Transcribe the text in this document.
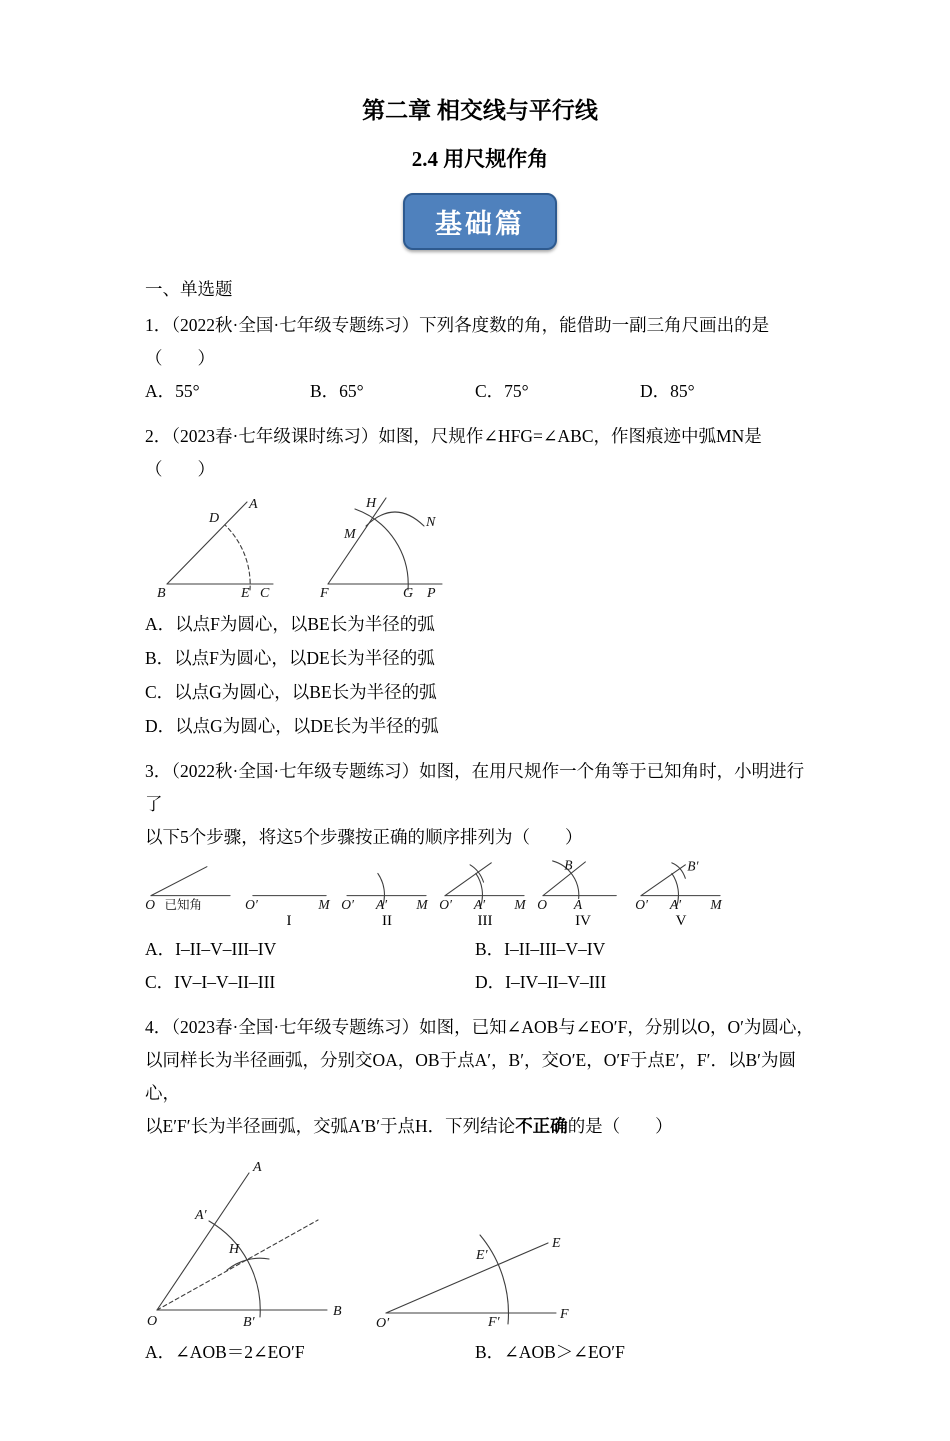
第二章 相交线与平行线
2.4 用尺规作角
基础篇
一、单选题

1．（2022秋·全国·七年级专题练习）下列各度数的角，能借助一副三角尺画出的是

（　　）

A．55°	B．65°	C．75°	D．85°

2．（2023春·七年级课时练习）如图，尺规作∠HFG=∠ABC，作图痕迹中弧MN是（　　）

D
A
B	E C
H
M
N
F	G P

A．以点F为圆心，以BE长为半径的弧

B．以点F为圆心，以DE长为半径的弧

C．以点G为圆心，以BE长为半径的弧

D．以点G为圆心，以DE长为半径的弧

3．（2022秋·全国·七年级专题练习）如图，在用尺规作一个角等于已知角时，小明进行了

以下5个步骤，将这5个步骤按正确的顺序排列为（　　）

O 已知角	O′	M
I
O′ A′ M
II
O′ A′ M
III
B
O A
IV
B′
O′ A′ M
V
A．I–II–V–III–IV	B．I–II–III–V–IV
C．IV–I–V–II–III	D．I–IV–II–V–III

4．（2023春·全国·七年级专题练习）如图，已知∠AOB与∠EO′F，分别以O，O′为圆心，

以同样长为半径画弧，分别交OA，OB于点A′，B′，交O′E，O′F于点E′，F′．以B′为圆心，

以E′F′长为半径画弧，交弧A′B′于点H．下列结论不正确的是（　　）

A
A′
H
B′
B
O
E′
E
F′
F
O′
A．∠AOB＝2∠EO′F	B．∠AOB＞∠EO′F
